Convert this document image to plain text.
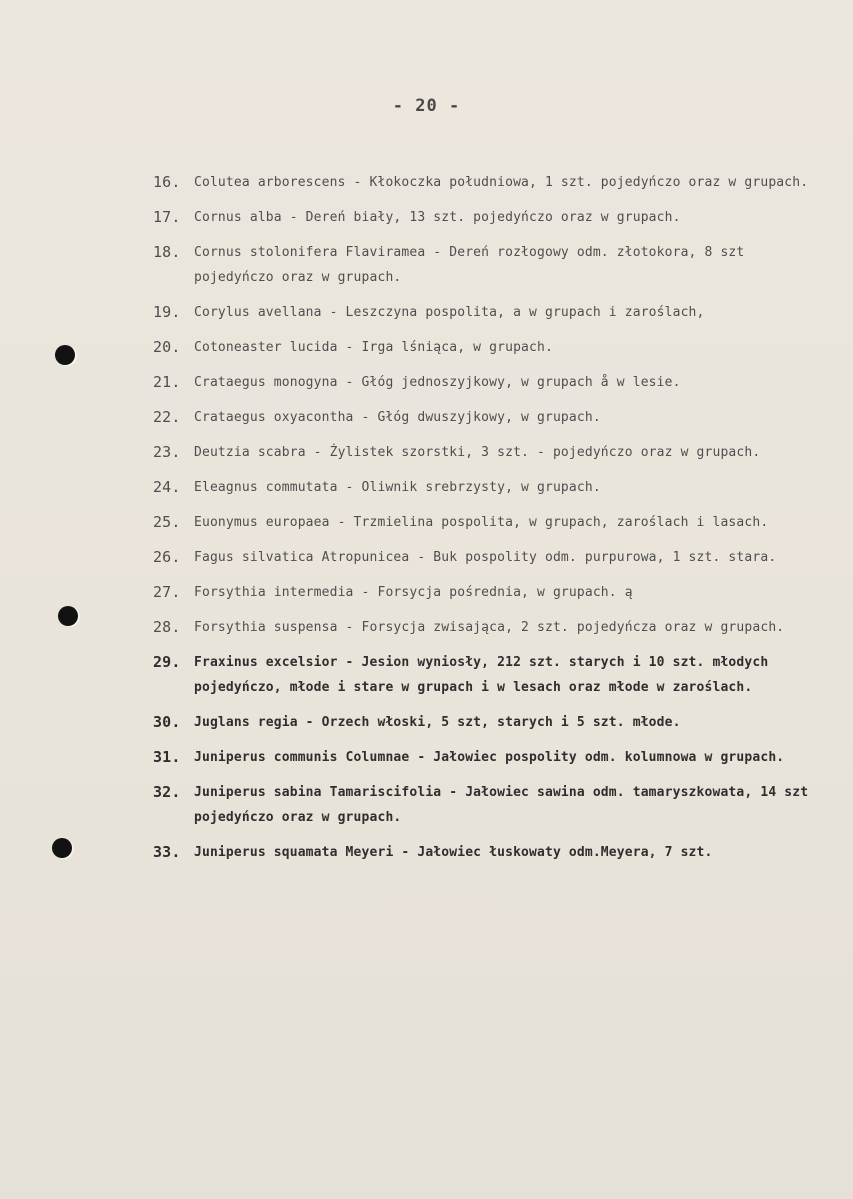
- 20 -
16. Colutea arborescens - Kłokoczka południowa, 1 szt. pojedyńczo oraz w grupach.
17. Cornus alba - Dereń biały, 13 szt. pojedyńczo oraz w grupach.
18. Cornus stolonifera Flaviramea - Dereń rozłogowy odm. złotokora, 8 szt pojedyńczo oraz w grupach.
19. Corylus avellana - Leszczyna pospolita, a w grupach i zaroślach,
20. Cotoneaster lucida - Irga lśniąca, w grupach.
21. Crataegus monogyna - Głóg jednoszyjkowy, w grupach å w lesie.
22. Crataegus oxyacontha - Głóg dwuszyjkowy, w grupach.
23. Deutzia scabra - Żylistek szorstki, 3 szt. - pojedyńczo oraz w grupach.
24. Eleagnus commutata - Oliwnik srebrzysty, w grupach.
25. Euonymus europaea - Trzmielina pospolita, w grupach, zaroślach i lasach.
26. Fagus silvatica Atropunicea - Buk pospolity odm. purpurowa, 1 szt. stara.
27. Forsythia intermedia - Forsycja pośrednia, w grupach. ą
28. Forsythia suspensa - Forsycja zwisająca, 2 szt. pojedyńcza oraz w grupach.
29. Fraxinus excelsior - Jesion wyniosły, 212 szt. starych i 10 szt. młodych pojedyńczo, młode i stare w grupach i w lesach oraz młode w zaroślach.
30. Juglans regia - Orzech włoski, 5 szt, starych i 5 szt. młode.
31. Juniperus communis Columnae - Jałowiec pospolity odm. kolumnowa w grupach.
32. Juniperus sabina Tamariscifolia - Jałowiec sawina odm. tamaryszkowata, 14 szt pojedyńczo oraz w grupach.
33. Juniperus squamata Meyeri - Jałowiec łuskowaty odm.Meyera, 7 szt.
